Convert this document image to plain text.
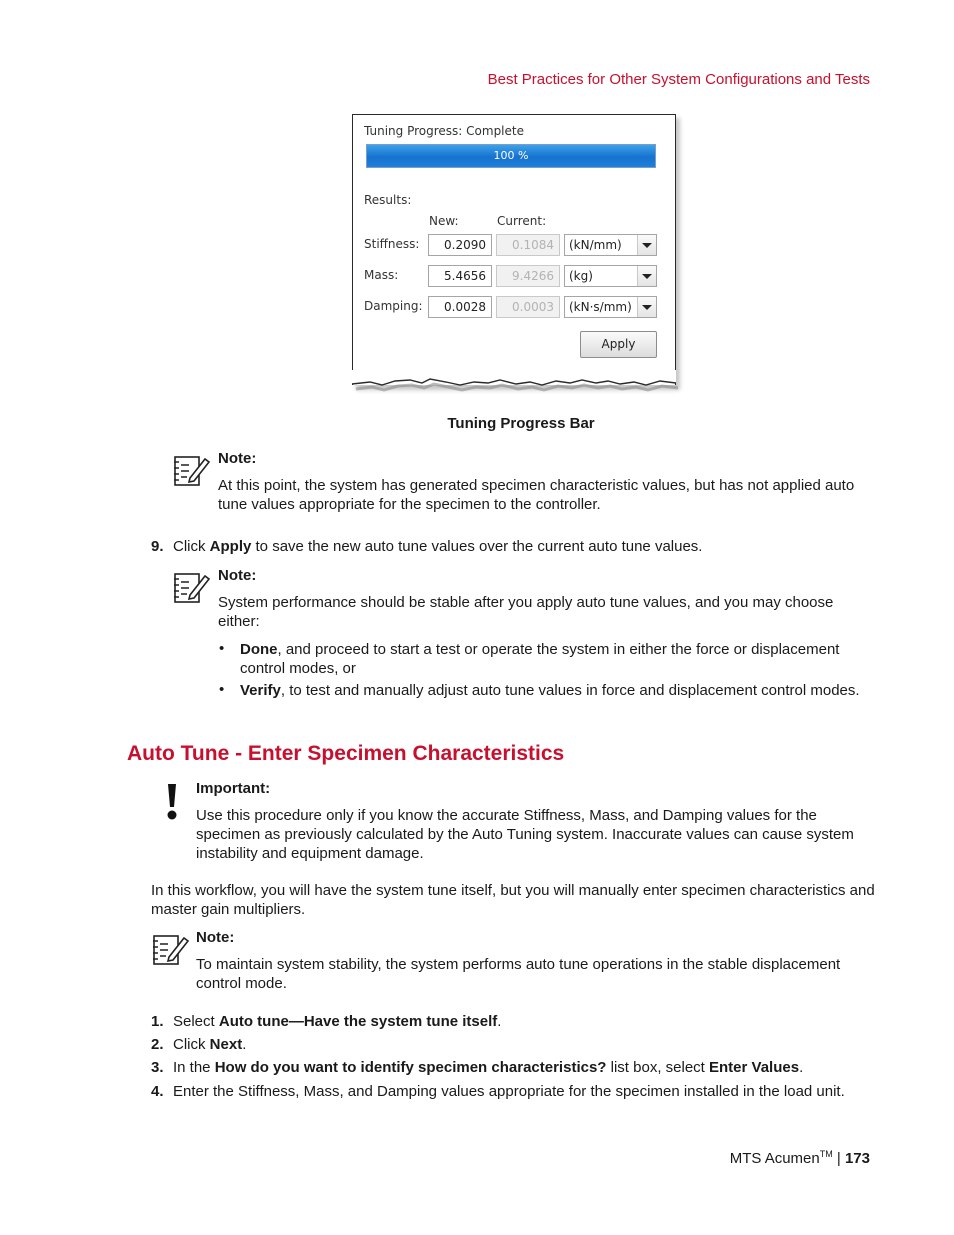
Best Practices for Other System Configurations and Tests
Tuning Progress: Complete
100 %
Results:
New:	Current:
Stiffness:	0.2090	0.1084	(kN/mm)
Mass:	5.4656	9.4266	(kg)
Damping:	0.0028	0.0003	(kN·s/mm)
Apply
Tuning Progress Bar
Note:
At this point, the system has generated specimen characteristic values, but has not applied auto tune values appropriate for the specimen to the controller.
9. Click Apply to save the new auto tune values over the current auto tune values.
Note:
System performance should be stable after you apply auto tune values, and you may choose either:
• Done, and proceed to start a test or operate the system in either the force or displacement control modes, or
• Verify, to test and manually adjust auto tune values in force and displacement control modes.
Auto Tune - Enter Specimen Characteristics
Important:
Use this procedure only if you know the accurate Stiffness, Mass, and Damping values for the specimen as previously calculated by the Auto Tuning system. Inaccurate values can cause system instability and equipment damage.
In this workflow, you will have the system tune itself, but you will manually enter specimen characteristics and master gain multipliers.
Note:
To maintain system stability, the system performs auto tune operations in the stable displacement control mode.
1. Select Auto tune—Have the system tune itself.
2. Click Next.
3. In the How do you want to identify specimen characteristics? list box, select Enter Values.
4. Enter the Stiffness, Mass, and Damping values appropriate for the specimen installed in the load unit.
MTS Acumen™ | 173
